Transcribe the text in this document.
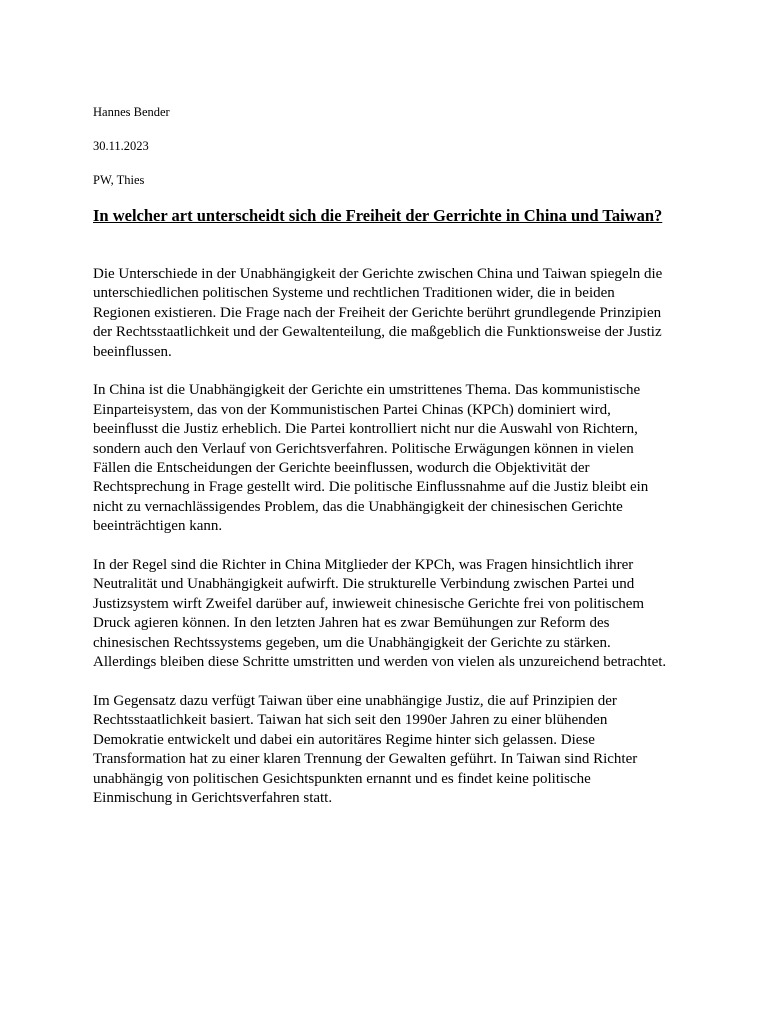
Hannes Bender

30.11.2023

PW, Thies

In welcher art unterscheidt sich die Freiheit der Gerrichte in China und Taiwan?

Die Unterschiede in der Unabhängigkeit der Gerichte zwischen China und Taiwan spiegeln die unterschiedlichen politischen Systeme und rechtlichen Traditionen wider, die in beiden Regionen existieren. Die Frage nach der Freiheit der Gerichte berührt grundlegende Prinzipien der Rechtsstaatlichkeit und der Gewaltenteilung, die maßgeblich die Funktionsweise der Justiz beeinflussen.

In China ist die Unabhängigkeit der Gerichte ein umstrittenes Thema. Das kommunistische Einparteisystem, das von der Kommunistischen Partei Chinas (KPCh) dominiert wird, beeinflusst die Justiz erheblich. Die Partei kontrolliert nicht nur die Auswahl von Richtern, sondern auch den Verlauf von Gerichtsverfahren. Politische Erwägungen können in vielen Fällen die Entscheidungen der Gerichte beeinflussen, wodurch die Objektivität der Rechtsprechung in Frage gestellt wird. Die politische Einflussnahme auf die Justiz bleibt ein nicht zu vernachlässigendes Problem, das die Unabhängigkeit der chinesischen Gerichte beeinträchtigen kann.

In der Regel sind die Richter in China Mitglieder der KPCh, was Fragen hinsichtlich ihrer Neutralität und Unabhängigkeit aufwirft. Die strukturelle Verbindung zwischen Partei und Justizsystem wirft Zweifel darüber auf, inwieweit chinesische Gerichte frei von politischem Druck agieren können. In den letzten Jahren hat es zwar Bemühungen zur Reform des chinesischen Rechtssystems gegeben, um die Unabhängigkeit der Gerichte zu stärken. Allerdings bleiben diese Schritte umstritten und werden von vielen als unzureichend betrachtet.

Im Gegensatz dazu verfügt Taiwan über eine unabhängige Justiz, die auf Prinzipien der Rechtsstaatlichkeit basiert. Taiwan hat sich seit den 1990er Jahren zu einer blühenden Demokratie entwickelt und dabei ein autoritäres Regime hinter sich gelassen. Diese Transformation hat zu einer klaren Trennung der Gewalten geführt. In Taiwan sind Richter unabhängig von politischen Gesichtspunkten ernannt und es findet keine politische Einmischung in Gerichtsverfahren statt.
